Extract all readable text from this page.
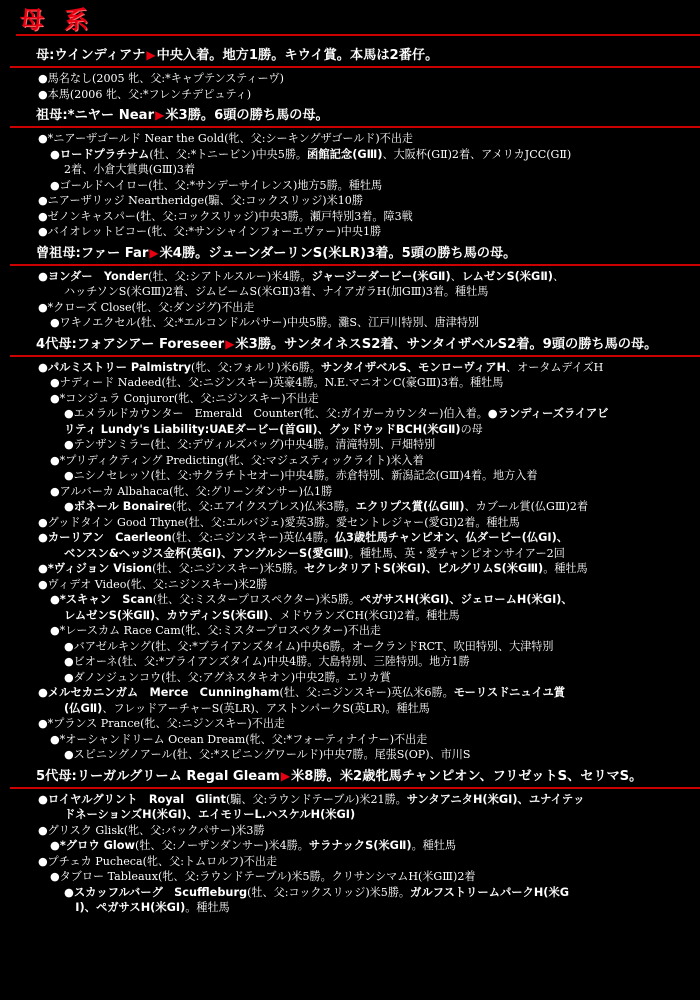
母 系
母:ウインディアナ▶中央入着。地方1勝。キウイ賞。本馬は2番仔。
●馬名なし(2005 牝、父:*キャプテンスティーヴ)
●本馬(2006 牝、父:*フレンチデピュティ)
祖母:*ニヤー Near▶米3勝。6頭の勝ち馬の母。
●*ニアーザゴールド Near the Gold(牝、父:シーキングザゴールド)不出走
●ロードプラチナム(牡、父:*トニービン)中央5勝。函館記念(GⅢ)、大阪杯(GⅡ)2着、アメリカJCC(GⅡ)
2着、小倉大賞典(GⅢ)3着
●ゴールドヘイロー(牡、父:*サンデーサイレンス)地方5勝。種牡馬
●ニアーザリッジ Neartheridge(騸、父:コックスリッジ)米10勝
●ゼノンキャスパー(牡、父:コックスリッジ)中央3勝。瀬戸特別3着。障3戦
●バイオレットビコー(牝、父:*サンシャインフォーエヴァー)中央1勝
曾祖母:ファー Far▶米4勝。ジューンダーリンS(米LR)3着。5頭の勝ち馬の母。
●ヨンダー　Yonder(牡、父:シアトルスルー)米4勝。ジャージーダービー(米GⅡ)、レムゼンS(米GⅡ)、
ハッチソンS(米GⅢ)2着、ジムビームS(米GⅡ)3着、ナイアガラH(加GⅢ)3着。種牡馬
●*クローズ Close(牝、父:ダンジグ)不出走
●ワキノエクセル(牡、父:*エルコンドルパサー)中央5勝。灘S、江戸川特別、唐津特別
4代母:フォアシアー Foreseer▶米3勝。サンタイネスS2着、サンタイザベルS2着。9頭の勝ち馬の母。
●パルミストリー Palmistry(牝、父:フォルリ)米6勝。サンタイザベルS、モンローヴィアH、オータムデイズH
●ナディード Nadeed(牡、父:ニジンスキー)英豪4勝。N.E.マニオンC(豪GⅢ)3着。種牡馬
●*コンジュラ Conjuror(牝、父:ニジンスキー)不出走
●エメラルドカウンター　Emerald　Counter(牝、父:ガイガーカウンター)伯入着。●ランディーズライアビ
リティ Lundy's Liability:UAEダービー(首GⅡ)、グッドウッドBCH(米GⅡ)の母
●テンザンミラー(牡、父:デヴィルズバッグ)中央4勝。清滝特別、戸畑特別
●*プリディクティング Predicting(牝、父:マジェスティックライト)米入着
●ニシノセレッソ(牡、父:サクラチトセオー)中央4勝。赤倉特別、新潟記念(GⅢ)4着。地方入着
●アルバーカ Albahaca(牝、父:グリーンダンサー)仏1勝
●ボネール Bonaire(牝、父:エアイクスプレス)仏米3勝。エクリプス賞(仏GⅢ)、カブール賞(仏GⅢ)2着
●グッドタイン Good Thyne(牡、父:エルバジェ)愛英3勝。愛セントレジャー(愛GⅠ)2着。種牡馬
●カーリアン　Caerleon(牡、父:ニジンスキー)英仏4勝。仏3歳牡馬チャンピオン、仏ダービー(仏GⅠ)、
ベンスン&ヘッジス金杯(英GⅠ)、アングルシーS(愛GⅢ)。種牡馬、英・愛チャンピオンサイアー2回
●*ヴィジョン Vision(牡、父:ニジンスキー)米5勝。セクレタリアトS(米GⅠ)、ピルグリムS(米GⅢ)。種牡馬
●ヴィデオ Video(牝、父:ニジンスキー)米2勝
●*スキャン　Scan(牡、父:ミスタープロスペクター)米5勝。ペガサスH(米GⅠ)、ジェロームH(米GⅠ)、
レムゼンS(米GⅡ)、カウディンS(米GⅡ)、メドウランズCH(米GⅠ)2着。種牡馬
●*レースカム Race Cam(牝、父:ミスタープロスペクター)不出走
●バアゼルキング(牡、父:*ブライアンズタイム)中央6勝。オークランドRCT、吹田特別、大津特別
●ビオーネ(牡、父:*ブライアンズタイム)中央4勝。大島特別、三陸特別。地方1勝
●ダノンジュンコウ(牡、父:アグネスタキオン)中央2勝。エリカ賞
●メルセカニンガム　Merce　Cunningham(牡、父:ニジンスキー)英仏米6勝。モーリスドニュイユ賞
(仏GⅡ)、フレッドアーチャーS(英LR)、アストンパークS(英LR)。種牡馬
●*プランス Prance(牝、父:ニジンスキー)不出走
●*オーシャンドリーム Ocean Dream(牝、父:*フォーティナイナー)不出走
●スピニングノアール(牡、父:*スピニングワールド)中央7勝。尾張S(OP)、市川S
5代母:リーガルグリーム Regal Gleam▶米8勝。米2歳牝馬チャンピオン、フリゼットS、セリマS。
●ロイヤルグリント　Royal　Glint(騸、父:ラウンドテーブル)米21勝。サンタアニタH(米GⅠ)、ユナイテッ
ドネーションズH(米GⅠ)、エイモリーL.ハスケルH(米GⅠ)
●グリスク Glisk(牝、父:バックパサー)米3勝
●*グロウ Glow(牡、父:ノーザンダンサー)米4勝。サラナックS(米GⅡ)。種牡馬
●プチェカ Pucheca(牝、父:トムロルフ)不出走
●タブロー Tableaux(牝、父:ラウンドテーブル)米5勝。クリサンシマムH(米GⅢ)2着
●スカッフルバーグ　Scuffleburg(牡、父:コックスリッジ)米5勝。ガルフストリームパークH(米G
　Ⅰ)、ペガサスH(米GⅠ)。種牡馬
